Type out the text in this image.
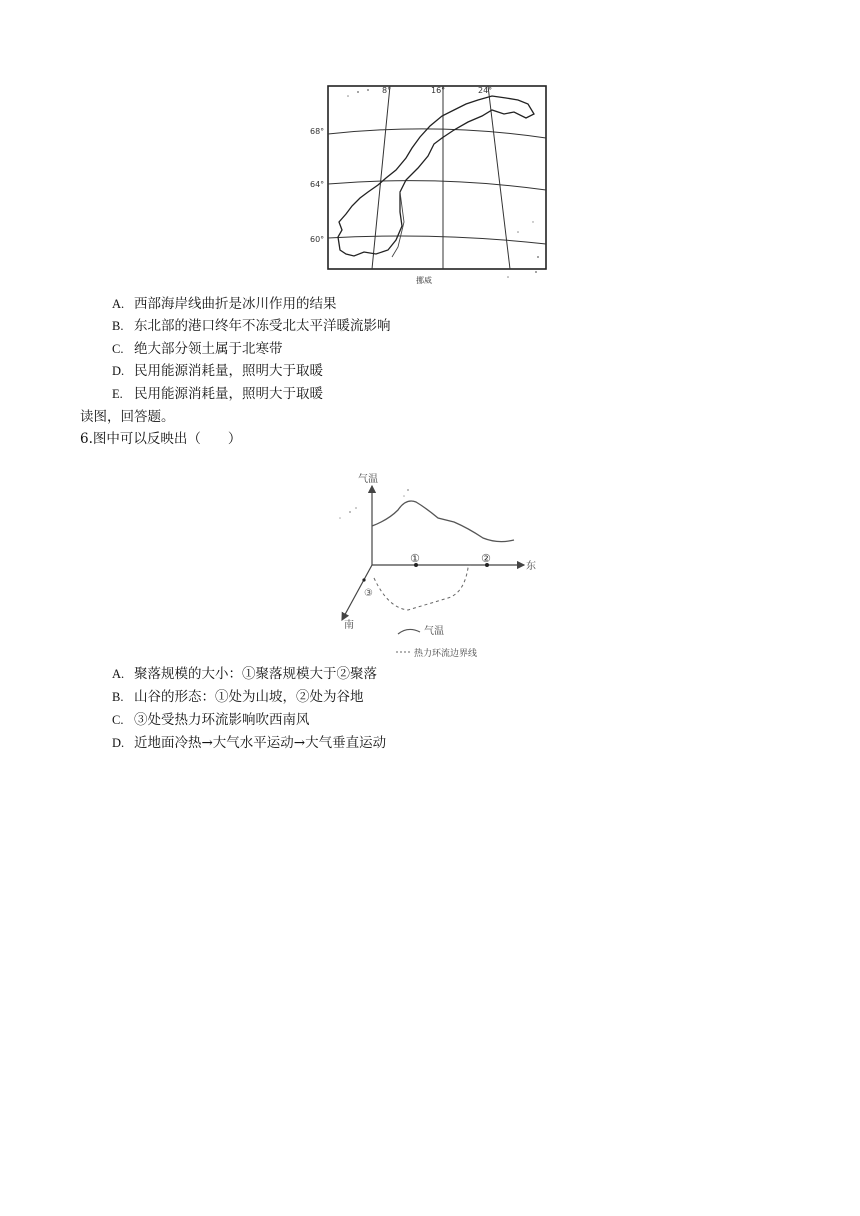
8°	16°	24°
68°
64°
60°
挪威
A. 西部海岸线曲折是冰川作用的结果
B. 东北部的港口终年不冻受北太平洋暖流影响
C. 绝大部分领土属于北寒带
D. 民用能源消耗量，照明大于取暖
E. 民用能源消耗量，照明大于取暖
读图，回答题。
6.图中可以反映出（　　）
气温
东
南
①	②
③
气温
热力环流边界线
A. 聚落规模的大小：①聚落规模大于②聚落
B. 山谷的形态：①处为山坡，②处为谷地
C. ③处受热力环流影响吹西南风
D. 近地面冷热→大气水平运动→大气垂直运动
